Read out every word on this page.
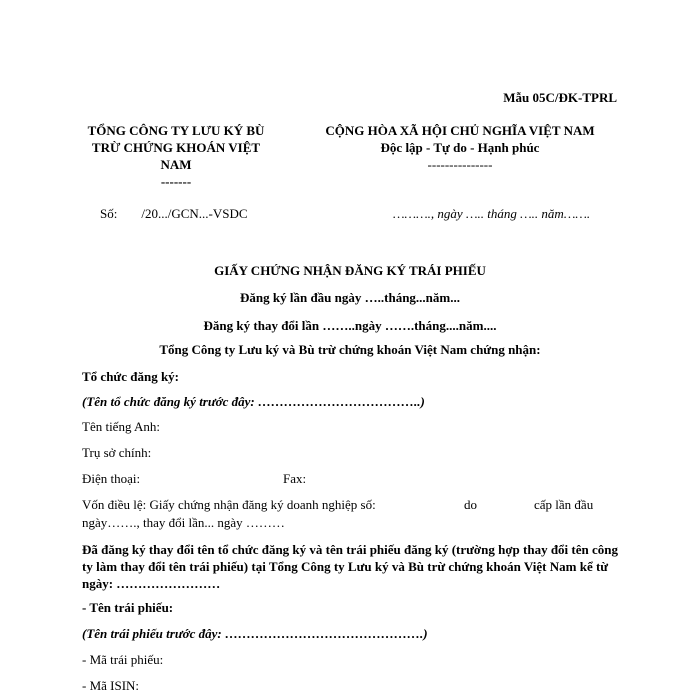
Mẫu 05C/ĐK-TPRL
TỔNG CÔNG TY LƯU KÝ BÙ
TRỪ CHỨNG KHOÁN VIỆT
NAM
-------
CỘNG HÒA XÃ HỘI CHỦ NGHĨA VIỆT NAM
Độc lập - Tự do - Hạnh phúc
---------------
Số: /20.../GCN...-VSDC	………., ngày ….. tháng ….. năm…….
GIẤY CHỨNG NHẬN ĐĂNG KÝ TRÁI PHIẾU
Đăng ký lần đầu ngày …..tháng...năm...
Đăng ký thay đổi lần ……..ngày …….tháng....năm....
Tổng Công ty Lưu ký và Bù trừ chứng khoán Việt Nam chứng nhận:
Tổ chức đăng ký:
(Tên tổ chức đăng ký trước đây: ………………………………..)
Tên tiếng Anh:
Trụ sở chính:
Điện thoại:	Fax:
Vốn điều lệ: Giấy chứng nhận đăng ký doanh nghiệp số:	do	cấp lần đầu
ngày……., thay đổi lần... ngày ………
Đã đăng ký thay đổi tên tổ chức đăng ký và tên trái phiếu đăng ký (trường hợp thay đổi tên công ty làm thay đổi tên trái phiếu) tại Tổng Công ty Lưu ký và Bù trừ chứng khoán Việt Nam kể từ ngày: ……………………
- Tên trái phiếu:
(Tên trái phiếu trước đây: ……………………………………….)
- Mã trái phiếu:
- Mã ISIN:
